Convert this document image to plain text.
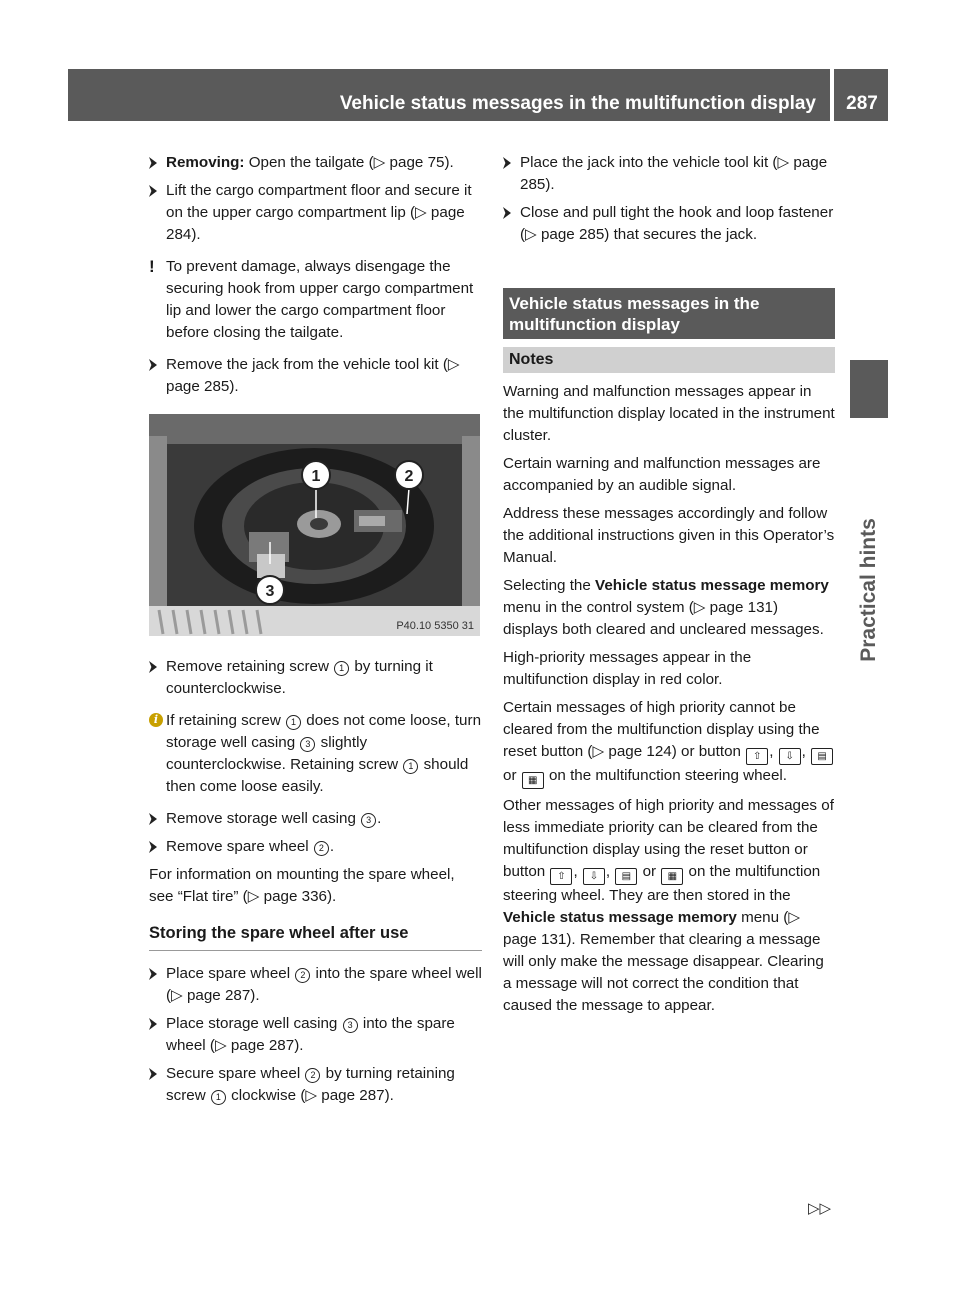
Vehicle status messages in the multifunction display	287
Practical hints
Removing: Open the tailgate (▷ page 75).
Lift the cargo compartment floor and secure it on the upper cargo compartment lip (▷ page 284).
! To prevent damage, always disengage the securing hook from upper cargo compartment lip and lower the cargo compartment floor before closing the tailgate.
Remove the jack from the vehicle tool kit (▷ page 285).
1	2
3
P40.10 5350 31
Remove retaining screw 1 by turning it counterclockwise.
i If retaining screw 1 does not come loose, turn storage well casing 3 slightly counterclockwise. Retaining screw 1 should then come loose easily.
Remove storage well casing 3 .
Remove spare wheel 2 .
For information on mounting the spare wheel, see “Flat tire” (▷ page 336).
Storing the spare wheel after use
Place spare wheel 2 into the spare wheel well (▷ page 287).
Place storage well casing 3 into the spare wheel (▷ page 287).
Secure spare wheel 2 by turning retaining screw 1 clockwise (▷ page 287).
Place the jack into the vehicle tool kit (▷ page 285).
Close and pull tight the hook and loop fastener (▷ page 285) that secures the jack.
Vehicle status messages in the multifunction display
Notes
Warning and malfunction messages appear in the multifunction display located in the instrument cluster.
Certain warning and malfunction messages are accompanied by an audible signal.
Address these messages accordingly and follow the additional instructions given in this Operator’s Manual.
Selecting the Vehicle status message memory menu in the control system (▷ page 131) displays both cleared and uncleared messages.
High-priority messages appear in the multifunction display in red color.
Certain messages of high priority cannot be cleared from the multifunction display using the reset button (▷ page 124) or button ⇧ , ⇩ , ▤ or ▦ on the multifunction steering wheel.
Other messages of high priority and messages of less immediate priority can be cleared from the multifunction display using the reset button or button ⇧ , ⇩ , ▤ or ▦ on the multifunction steering wheel. They are then stored in the Vehicle status message memory menu (▷ page 131). Remember that clearing a message will only make the message disappear. Clearing a message will not correct the condition that caused the message to appear.
▷▷
